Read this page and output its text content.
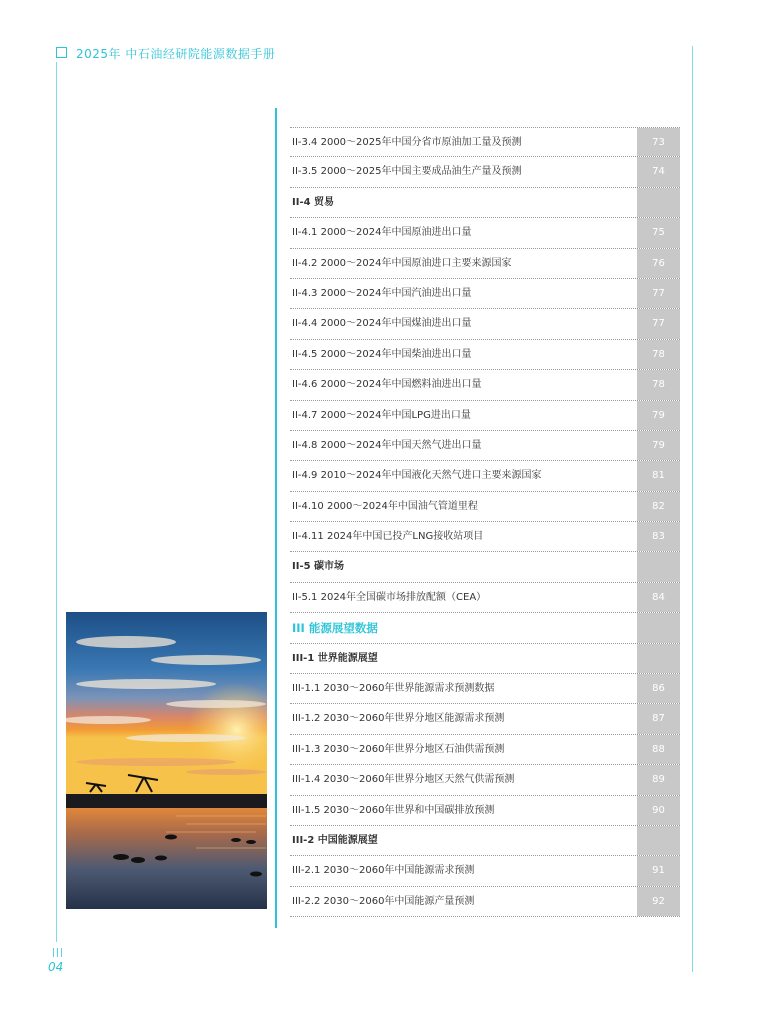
2025年 中石油经研院能源数据手册
II-3.4 2000～2025年中国分省市原油加工量及预测	73
II-3.5 2000～2025年中国主要成品油生产量及预测	74
II-4 贸易
II-4.1 2000～2024年中国原油进出口量	75
II-4.2 2000～2024年中国原油进口主要来源国家	76
II-4.3 2000～2024年中国汽油进出口量	77
II-4.4 2000～2024年中国煤油进出口量	77
II-4.5 2000～2024年中国柴油进出口量	78
II-4.6 2000～2024年中国燃料油进出口量	78
II-4.7 2000～2024年中国LPG进出口量	79
II-4.8 2000～2024年中国天然气进出口量	79
II-4.9 2010～2024年中国液化天然气进口主要来源国家	81
II-4.10 2000～2024年中国油气管道里程	82
II-4.11 2024年中国已投产LNG接收站项目	83
II-5 碳市场
II-5.1 2024年全国碳市场排放配额（CEA）	84
III 能源展望数据
III-1 世界能源展望
III-1.1 2030～2060年世界能源需求预测数据	86
III-1.2 2030～2060年世界分地区能源需求预测	87
III-1.3 2030～2060年世界分地区石油供需预测	88
III-1.4 2030～2060年世界分地区天然气供需预测	89
III-1.5 2030～2060年世界和中国碳排放预测	90
III-2 中国能源展望
III-2.1 2030～2060年中国能源需求预测	91
III-2.2 2030～2060年中国能源产量预测	92
|||
04
